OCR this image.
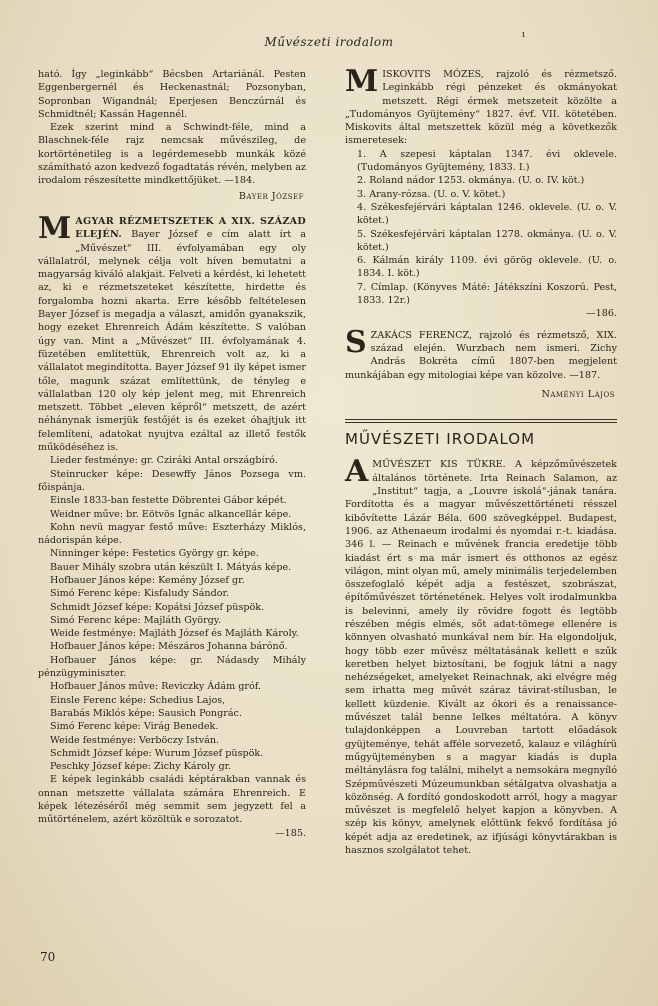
Művészeti irodalom	ı

ható. Így „leginkább“ Bécsben Artariánál. Pesten Eggenbergernél és Heckenastnál; Pozsonyban, Sopronban Wigandnál; Eperjesen Benczúrnál és Schmidtnél; Kassán Hagennél.

Ezek szerint mind a Schwindt-féle, mind a Blaschnek-féle rajz nemcsak művészileg, de kortörténetileg is a legérdemesebb munkák közé számítható azon kedvező fogadtatás révén, melyben az irodalom részesítette mindkettőjüket. —184.

Bayer József
M AGYAR RÉZMETSZETEK A XIX. SZÁZAD ELEJÉN. Bayer József e cím alatt írt a „Művészet“ III. évfolyamában egy oly vállalatról, melynek célja volt híven bemutatni a magyarság kiváló alakjait. Felveti a kérdést, ki lehetett az, ki e rézmetszeteket készítette, hirdette és forgalomba hozni akarta. Erre később feltételesen Bayer József is megadja a választ, amidőn gyanakszik, hogy ezeket Ehrenreich Ádám készítette. S valóban úgy van. Mint a „Művészet“ III. évfolyamának 4. füzetében említettük, Ehrenreich volt az, ki a vállalatot megindította. Bayer József 91 ily képet ismer tőle, magunk százat említettünk, de tényleg e vállalatban 120 oly kép jelent meg, mit Ehrenreich metszett. Többet „eleven képről“ metszett, de azért néhánynak ismerjük festőjét is és ezeket óhajtjuk itt felemlíteni, adatokat nyujtva ezáltal az illető festők működéséhez is.

Lieder festménye: gr. Cziráki Antal országbíró.

Steinrucker képe: Desewffy János Pozsega vm. főispánja.

Einsle 1833-ban festette Döbrentei Gábor képét.

Weidner műve: br. Eötvös Ignác alkancellár képe.

Kohn nevü magyar festő műve: Eszterházy Miklós, nádorispán képe.

Ninninger képe: Festetics György gr. képe.

Bauer Mihály szobra után készült I. Mátyás képe.

Hofbauer János képe: Kemény József gr.

Simó Ferenc képe: Kisfaludy Sándor.

Schmidt József képe: Kopátsi József püspök.

Simó Ferenc képe: Majláth György.

Weide festménye: Majláth József és Majláth Károly.

Hofbauer János képe: Mészáros Johanna bárónő.

Hofbauer János képe: gr. Nádasdy Mihály pénzügyminiszter.

Hofbauer János műve: Reviczky Ádám gróf.

Einsle Ferenc képe: Schedius Lajos,

Barabás Miklós képe: Sausich Pongrác.

Simó Ferenc képe: Virág Benedek.

Weide festménye: Verböczy István.

Schmidt József képe: Wurum József püspök.

Peschky József képe: Zichy Károly gr.

E képek leginkább családi képtárakban vannak és onnan metszette vállalata számára Ehrenreich. E képek létezéséről még semmit sem jegyzett fel a műtörténelem, azért közöltük e sorozatot.

—185.

M ISKOVITS MÓZES, rajzoló és rézmetsző. Leginkább régi pénzeket és okmányokat metszett. Régi érmek metszeteit közölte a „Tudományos Gyüjtemény“ 1827. évf. VII. kötetében. Miskovits által metszettek közül még a következők ismeretesek:

1. A szepesi káptalan 1347. évi oklevele. (Tudományos Gyüjtemény, 1833. I.)

2. Roland nádor 1253. okmánya. (U. o. IV. köt.)

3. Arany-rózsa. (U. o. V. kötet.)

4. Székesfejérvári káptalan 1246. oklevele. (U. o. V. kötet.)

5. Székesfejérvári káptalan 1278. okmánya. (U. o. V. kötet.)

6. Kálmán király 1109. évi görög oklevele. (U. o. 1834. I. köt.)

7. Címlap. (Könyves Máté: Játékszíni Koszorú. Pest, 1833. 12r.)

—186.

S ZAKÁCS FERENCZ, rajzoló és rézmetsző, XIX. század elején. Wurzbach nem ismeri. Zichy András Bokréta című 1807-ben megjelent munkájában egy mitologiai képe van közolve. —187.
Naményi Lajos
MŰVÉSZETI IRODALOM
A MŰVÉSZET KIS TÜKRE. A képzőművészetek általános története. Irta Reinach Salamon, az „Institut“ tagja, a „Louvre iskolá“-jának tanára. Fordította és a magyar művészettörténeti résszel kibővítette Lázár Béla. 600 szövegképpel. Budapest, 1906. az Athenaeum irodalmi és nyomdai r.-t. kiadása. 346 l. — Reinach e művének francia eredetije több kiadást ért s ma már ismert és otthonos az egész világon, mint olyan mű, amely minimális terjedelemben összefoglaló képét adja a festészet, szobrászat, építőművészet történetének. Helyes volt irodalmunkba is belevinni, amely ily rövidre fogott és legtöbb részében mégis elmés, sőt adat-tömege ellenére is könnyen olvasható munkával nem bír. Ha elgondoljuk, hogy több ezer művész méltatásának kellett e szűk keretben helyet biztosítani, be fogjuk látni a nagy nehézségeket, amelyeket Reinachnak, aki elvégre még sem irhatta meg művét száraz távirat-stílusban, le kellett küzdenie. Kivált az ókori és a renaissance-művészet talál benne lelkes méltatóra. A könyv tulajdonképpen a Louvreban tartott előadások gyüjteménye, tehát afféle sorvezető, kalauz e világhírü műgyüjteményben s a magyar kiadás is dupla méltánylásra fog találni, mihelyt a nemsokára megnyíló Szépművészeti Múzeumunkban sétálgatva olvashatja a közönség. A fordító gondoskodott arról, hogy a magyar művészet is megfelelő helyet kapjon a könyvben. A szép kis könyv, amelynek előttünk fekvő fordítása jó képét adja az eredetinek, az ifjúsági könyvtárakban is hasznos szolgálatot tehet.
70
